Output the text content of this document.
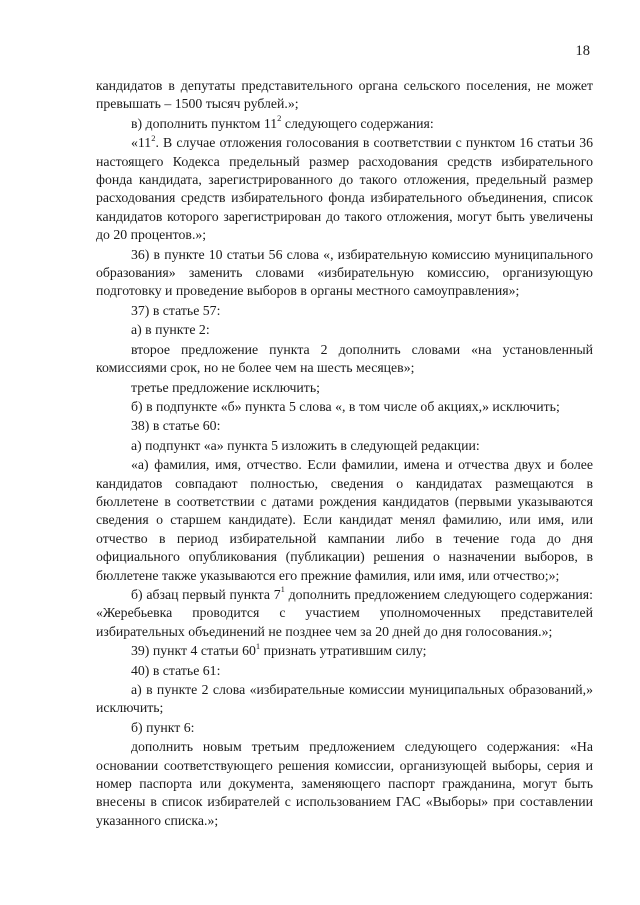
18

кандидатов в депутаты представительного органа сельского поселения, не может превышать – 1500 тысяч рублей.»;

в) дополнить пунктом $11^2$ следующего содержания:

«$11^2$. В случае отложения голосования в соответствии с пунктом 16 статьи 36 настоящего Кодекса предельный размер расходования средств избирательного фонда кандидата, зарегистрированного до такого отложения, предельный размер расходования средств избирательного фонда избирательного объединения, список кандидатов которого зарегистрирован до такого отложения, могут быть увеличены до 20 процентов.»;

36) в пункте 10 статьи 56 слова «, избирательную комиссию муниципального образования» заменить словами «избирательную комиссию, организующую подготовку и проведение выборов в органы местного самоуправления»;

37) в статье 57:

а) в пункте 2:

второе предложение пункта 2 дополнить словами «на установленный комиссиями срок, но не более чем на шесть месяцев»;

третье предложение исключить;

б) в подпункте «б» пункта 5 слова «, в том числе об акциях,» исключить;

38) в статье 60:

а) подпункт «а» пункта 5 изложить в следующей редакции:

«а) фамилия, имя, отчество. Если фамилии, имена и отчества двух и более кандидатов совпадают полностью, сведения о кандидатах размещаются в бюллетене в соответствии с датами рождения кандидатов (первыми указываются сведения о старшем кандидате). Если кандидат менял фамилию, или имя, или отчество в период избирательной кампании либо в течение года до дня официального опубликования (публикации) решения о назначении выборов, в бюллетене также указываются его прежние фамилия, или имя, или отчество;»;

б) абзац первый пункта $7^1$ дополнить предложением следующего содержания: «Жеребьевка проводится с участием уполномоченных представителей избирательных объединений не позднее чем за 20 дней до дня голосования.»;

39) пункт 4 статьи $60^1$ признать утратившим силу;

40) в статье 61:

а) в пункте 2 слова «избирательные комиссии муниципальных образований,» исключить;

б) пункт 6:

дополнить новым третьим предложением следующего содержания: «На основании соответствующего решения комиссии, организующей выборы, серия и номер паспорта или документа, заменяющего паспорт гражданина, могут быть внесены в список избирателей с использованием ГАС «Выборы» при составлении указанного списка.»;
